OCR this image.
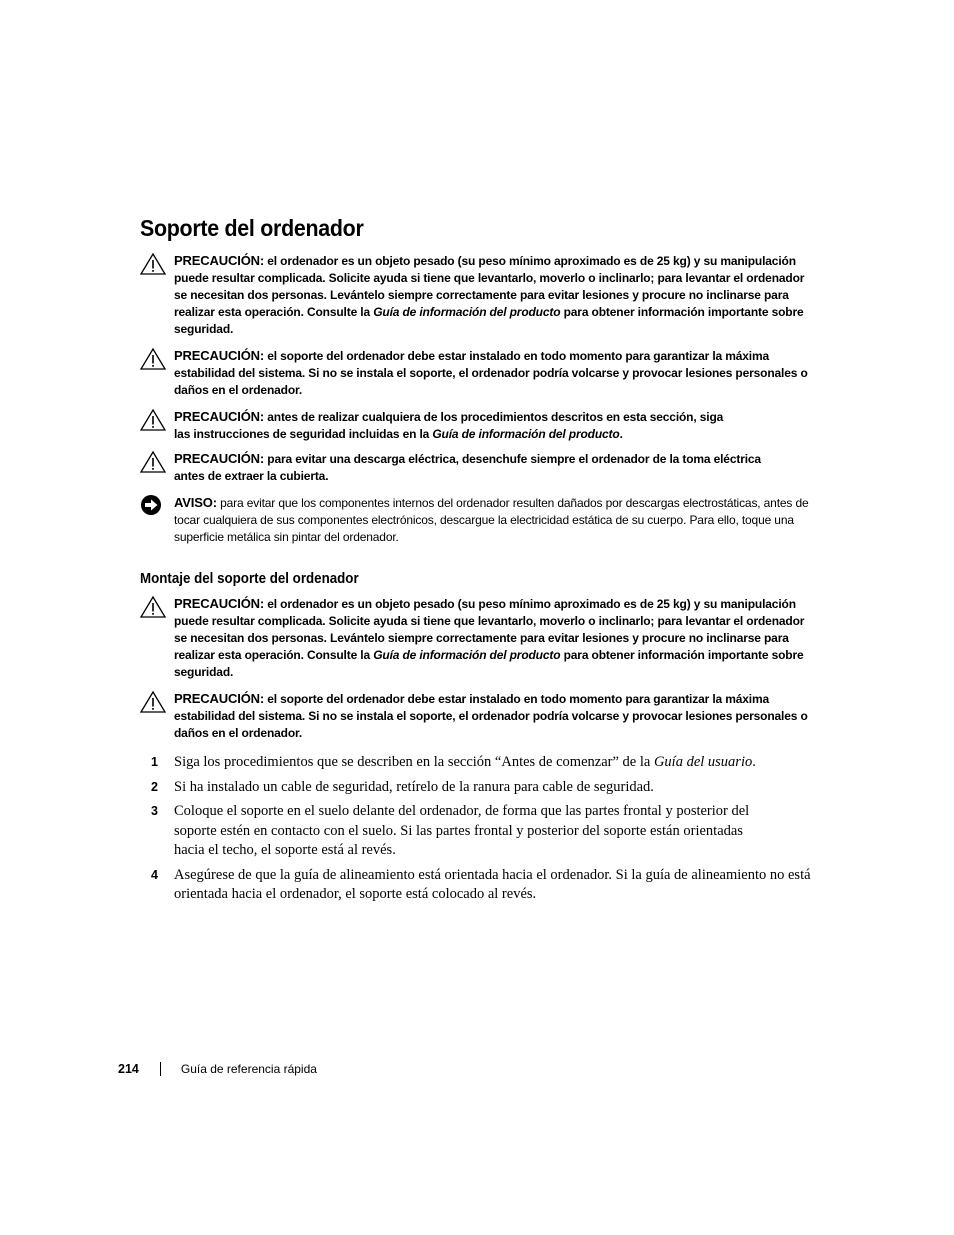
Soporte del ordenador
PRECAUCIÓN: el ordenador es un objeto pesado (su peso mínimo aproximado es de 25 kg) y su manipulación puede resultar complicada. Solicite ayuda si tiene que levantarlo, moverlo o inclinarlo; para levantar el ordenador se necesitan dos personas. Levántelo siempre correctamente para evitar lesiones y procure no inclinarse para realizar esta operación. Consulte la Guía de información del producto para obtener información importante sobre seguridad.
PRECAUCIÓN: el soporte del ordenador debe estar instalado en todo momento para garantizar la máxima estabilidad del sistema. Si no se instala el soporte, el ordenador podría volcarse y provocar lesiones personales o daños en el ordenador.
PRECAUCIÓN: antes de realizar cualquiera de los procedimientos descritos en esta sección, siga las instrucciones de seguridad incluidas en la Guía de información del producto.
PRECAUCIÓN: para evitar una descarga eléctrica, desenchufe siempre el ordenador de la toma eléctrica antes de extraer la cubierta.
AVISO: para evitar que los componentes internos del ordenador resulten dañados por descargas electrostáticas, antes de tocar cualquiera de sus componentes electrónicos, descargue la electricidad estática de su cuerpo. Para ello, toque una superficie metálica sin pintar del ordenador.
Montaje del soporte del ordenador
PRECAUCIÓN: el ordenador es un objeto pesado (su peso mínimo aproximado es de 25 kg) y su manipulación puede resultar complicada. Solicite ayuda si tiene que levantarlo, moverlo o inclinarlo; para levantar el ordenador se necesitan dos personas. Levántelo siempre correctamente para evitar lesiones y procure no inclinarse para realizar esta operación. Consulte la Guía de información del producto para obtener información importante sobre seguridad.
PRECAUCIÓN: el soporte del ordenador debe estar instalado en todo momento para garantizar la máxima estabilidad del sistema. Si no se instala el soporte, el ordenador podría volcarse y provocar lesiones personales o daños en el ordenador.
1 Siga los procedimientos que se describen en la sección “Antes de comenzar” de la Guía del usuario.
2 Si ha instalado un cable de seguridad, retírelo de la ranura para cable de seguridad.
3 Coloque el soporte en el suelo delante del ordenador, de forma que las partes frontal y posterior del soporte estén en contacto con el suelo. Si las partes frontal y posterior del soporte están orientadas hacia el techo, el soporte está al revés.
4 Asegúrese de que la guía de alineamiento está orientada hacia el ordenador. Si la guía de alineamiento no está orientada hacia el ordenador, el soporte está colocado al revés.
214	Guía de referencia rápida
